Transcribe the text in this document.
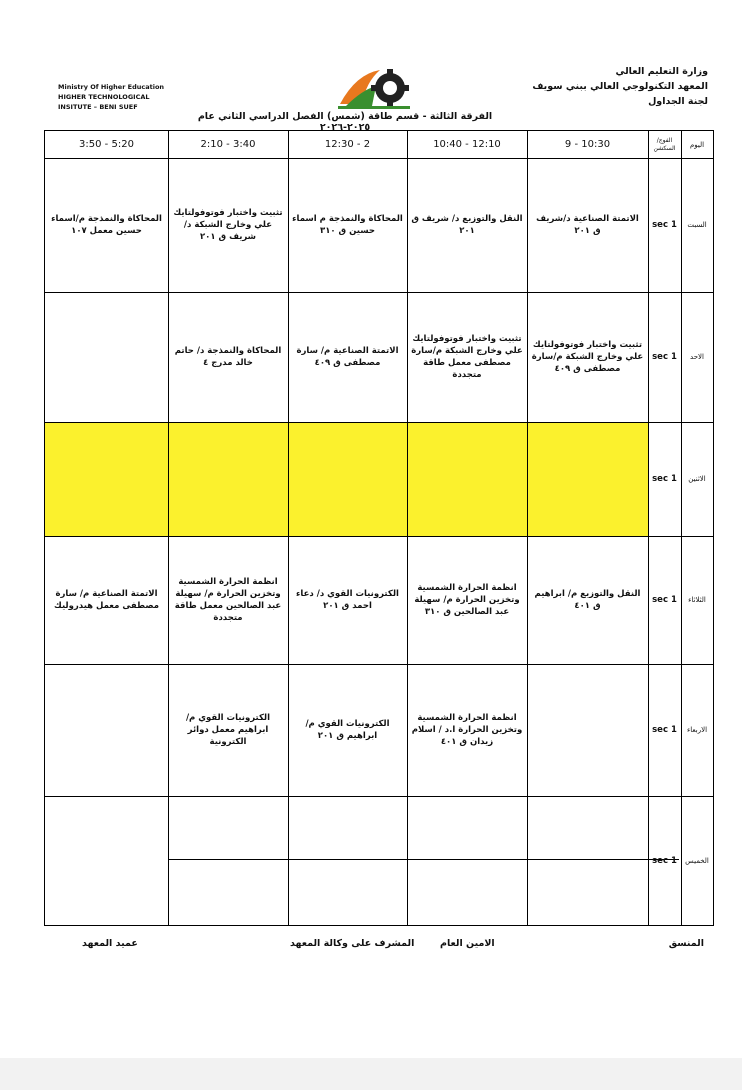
وزارة التعليم العالي
المعهد التكنولوجي العالي ببني سويف
لجنة الجداول
Ministry Of Higher Education
HIGHER TECHNOLOGICAL
INSITUTE – BENI SUEF
الفرقة الثالثة - قسم طاقة (شمس) الفصل الدراسي الثاني عام ٢٠٢٥-٢٠٢٦
اليوم
الفوج/ السكشن
9 - 10:30
10:40 - 12:10
12:30 - 2
2:10 - 3:40
3:50 - 5:20
السبت
sec 1
الاتمتة الصناعية د/شريف ق ٢٠١
النقل والتوزيع د/ شريف ق ٢٠١
المحاكاة والنمذجة م اسماء حسين ق ٣١٠
تثبيت واختبار فوتوفولتايك علي وخارج الشبكة د/ شريف ق ٢٠١
المحاكاة والنمذجة م/اسماء حسين معمل ١٠٧
الاحد
sec 1
تثبيت واختبار فوتوفولتايك علي وخارج الشبكة م/سارة مصطفى ق ٤٠٩
تثبيت واختبار فوتوفولتايك علي وخارج الشبكة م/سارة مصطفى معمل طاقة متجددة
الاتمتة الصناعية م/ سارة مصطفى ق ٤٠٩
المحاكاة والنمذجة د/ حاتم خالد مدرج ٤
الاثنين
sec 1
الثلاثاء
sec 1
النقل والتوزيع م/ ابراهيم ق ٤٠١
انظمة الحرارة الشمسية وتخزين الحرارة م/ سهيلة عبد الصالحين ق ٣١٠
الكترونيات القوي د/ دعاء احمد ق ٢٠١
انظمة الحرارة الشمسية وتخزين الحرارة م/ سهيلة عبد الصالحين معمل طاقة متجددة
الاتمتة الصناعية م/ سارة مصطفى معمل هيدروليك
الاربعاء
sec 1
انظمة الحرارة الشمسية وتخزين الحرارة ا.د / اسلام زيدان ق ٤٠١
الكترونيات القوي م/ابراهيم ق ٢٠١
الكترونيات القوي م/ابراهيم معمل دوائر الكترونية
الخميس
sec 1
المنسق
الامين العام
المشرف على وكالة المعهد
عميد المعهد
